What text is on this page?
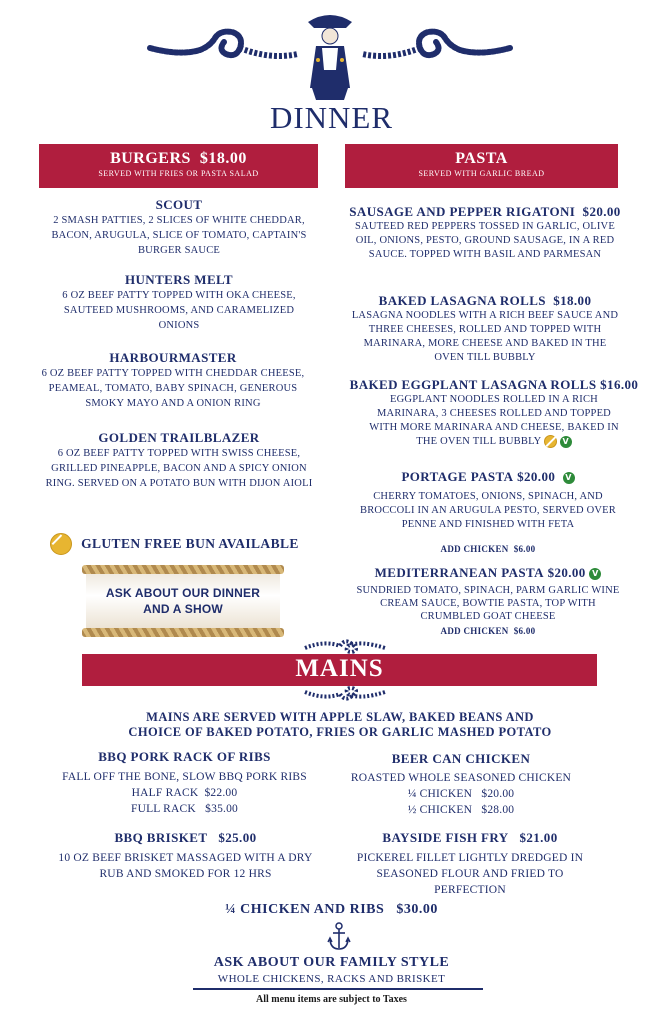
DINNER
BURGERS $18.00
SERVED WITH FRIES OR PASTA SALAD
PASTA
SERVED WITH GARLIC BREAD
SCOUT
2 SMASH PATTIES, 2 SLICES OF WHITE CHEDDAR, BACON, ARUGULA, SLICE OF TOMATO, CAPTAIN'S BURGER SAUCE
HUNTERS MELT
6 OZ BEEF PATTY TOPPED WITH OKA CHEESE, SAUTEED MUSHROOMS, AND CARAMELIZED ONIONS
HARBOURMASTER
6 OZ BEEF PATTY TOPPED WITH CHEDDAR CHEESE, PEAMEAL, TOMATO, BABY SPINACH, GENEROUS SMOKY MAYO AND A ONION RING
GOLDEN TRAILBLAZER
6 OZ BEEF PATTY TOPPED WITH SWISS CHEESE, GRILLED PINEAPPLE, BACON AND A SPICY ONION RING. SERVED ON A POTATO BUN WITH DIJON AIOLI
GLUTEN FREE BUN AVAILABLE
ASK ABOUT OUR DINNER
AND A SHOW
SAUSAGE AND PEPPER RIGATONI $20.00
SAUTEED RED PEPPERS TOSSED IN GARLIC, OLIVE OIL, ONIONS, PESTO, GROUND SAUSAGE, IN A RED SAUCE. TOPPED WITH BASIL AND PARMESAN
BAKED LASAGNA ROLLS $18.00
LASAGNA NOODLES WITH A RICH BEEF SAUCE AND THREE CHEESES, ROLLED AND TOPPED WITH MARINARA, MORE CHEESE AND BAKED IN THE OVEN TILL BUBBLY
BAKED EGGPLANT LASAGNA ROLLS $16.00
EGGPLANT NOODLES ROLLED IN A RICH MARINARA, 3 CHEESES ROLLED AND TOPPED WITH MORE MARINARA AND CHEESE, BAKED IN THE OVEN TILL BUBBLY	V
PORTAGE PASTA $20.00 V
CHERRY TOMATOES, ONIONS, SPINACH, AND BROCCOLI IN AN ARUGULA PESTO, SERVED OVER PENNE AND FINISHED WITH FETA
ADD CHICKEN $6.00
MEDITERRANEAN PASTA $20.00 V
SUNDRIED TOMATO, SPINACH, PARM GARLIC WINE CREAM SAUCE, BOWTIE PASTA, TOP WITH CRUMBLED GOAT CHEESE
ADD CHICKEN $6.00
MAINS
MAINS ARE SERVED WITH APPLE SLAW, BAKED BEANS AND
CHOICE OF BAKED POTATO, FRIES OR GARLIC MASHED POTATO
BBQ PORK RACK OF RIBS
FALL OFF THE BONE, SLOW BBQ PORK RIBS
HALF RACK $22.00
FULL RACK $35.00
BEER CAN CHICKEN
ROASTED WHOLE SEASONED CHICKEN
¼ CHICKEN $20.00
½ CHICKEN $28.00
BBQ BRISKET $25.00
10 OZ BEEF BRISKET MASSAGED WITH A DRY RUB AND SMOKED FOR 12 HRS
BAYSIDE FISH FRY $21.00
PICKEREL FILLET LIGHTLY DREDGED IN SEASONED FLOUR AND FRIED TO PERFECTION
¼ CHICKEN AND RIBS $30.00
ASK ABOUT OUR FAMILY STYLE
WHOLE CHICKENS, RACKS AND BRISKET
All menu items are subject to Taxes
